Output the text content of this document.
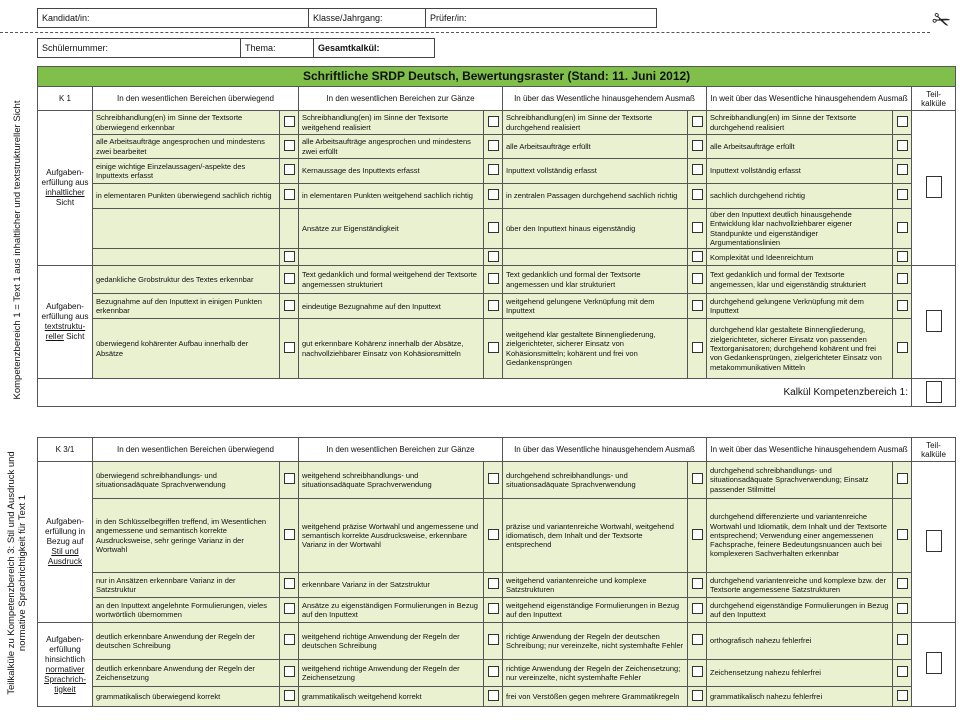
Kandidat/in:	Klasse/Jahrgang:	Prüfer/in:	✂
Schülernummer:	Thema:	Gesamtkalkül:
Kompetenzbereich 1 = Text 1 aus inhaltlicher und textstruktureller Sicht
Teilkalküle zu Kompetenzbereich 3: Stil und Ausdruck und normative Sprachrichtigkeit für Text 1
Schriftliche SRDP Deutsch, Bewertungsraster (Stand: 11. Juni 2012)									
K 1	In den wesentlichen Bereichen überwiegend		In den wesentlichen Bereichen zur Gänze		In über das Wesentliche hinausgehendem Ausmaß		In weit über das Wesentliche hinausgehendem Ausmaß		Teil-kalküle
Aufgaben-erfüllung aus inhaltlicher Sicht	Schreibhandlung(en) im Sinne der Textsorte überwiegend erkennbar		Schreibhandlung(en) im Sinne der Textsorte weitgehend realisiert		Schreibhandlung(en) im Sinne der Textsorte durchgehend realisiert		Schreibhandlung(en) im Sinne der Textsorte durchgehend realisiert		
	alle Arbeitsaufträge angesprochen und mindestens zwei bearbeitet		alle Arbeitsaufträge angesprochen und mindestens zwei erfüllt		alle Arbeitsaufträge erfüllt		alle Arbeitsaufträge erfüllt		
	einige wichtige Einzelaussagen/-aspekte des Inputtexts erfasst		Kernaussage des Inputtexts erfasst		Inputtext vollständig erfasst		Inputtext vollständig erfasst		
	in elementaren Punkten überwiegend sachlich richtig		in elementaren Punkten weitgehend sachlich richtig		in zentralen Passagen durchgehend sachlich richtig		sachlich durchgehend richtig		
			Ansätze zur Eigenständigkeit		über den Inputtext hinaus eigenständig		über den Inputtext deutlich hinausgehende Entwicklung klar nachvollziehbarer eigener Standpunkte und eigenständiger Argumentationslinien		
							Komplexität und Ideenreichtum		
Aufgaben-erfüllung aus textstruktu-reller Sicht	gedankliche Grobstruktur des Textes erkennbar		Text gedanklich und formal weitgehend der Textsorte angemessen strukturiert		Text gedanklich und formal der Textsorte angemessen und klar strukturiert		Text gedanklich und formal der Textsorte angemessen, klar und eigenständig strukturiert		
	Bezugnahme auf den Inputtext in einigen Punkten erkennbar		eindeutige Bezugnahme auf den Inputtext		weitgehend gelungene Verknüpfung mit dem Inputtext		durchgehend gelungene Verknüpfung mit dem Inputtext		
	überwiegend kohärenter Aufbau innerhalb der Absätze		gut erkennbare Kohärenz innerhalb der Absätze, nachvollziehbarer Einsatz von Kohäsionsmitteln		weitgehend klar gestaltete Binnengliederung, zielgerichteter, sicherer Einsatz von Kohäsionsmitteln; kohärent und frei von Gedankensprüngen		durchgehend klar gestaltete Binnengliederung, zielgerichteter, sicherer Einsatz von passenden Textorganisatoren; durchgehend kohärent und frei von Gedankensprüngen, zielgerichteter Einsatz von metakommunikativen Mitteln		
Kalkül Kompetenzbereich 1:									
K 3/1	In den wesentlichen Bereichen überwiegend		In den wesentlichen Bereichen zur Gänze		In über das Wesentliche hinausgehendem Ausmaß		In weit über das Wesentliche hinausgehendem Ausmaß		Teil-kalküle
Aufgaben-erfüllung in Bezug auf Stil und Ausdruck	überwiegend schreibhandlungs- und situationsadäquate Sprachverwendung		weitgehend schreibhandlungs- und situationsadäquate Sprachverwendung		durchgehend schreibhandlungs- und situationsadäquate Sprachverwendung		durchgehend schreibhandlungs- und situationsadäquate Sprachverwendung; Einsatz passender Stilmittel		
	in den Schlüsselbegriffen treffend, im Wesentlichen angemessene und semantisch korrekte Ausdrucksweise, sehr geringe Varianz in der Wortwahl		weitgehend präzise Wortwahl und angemessene und semantisch korrekte Ausdrucksweise, erkennbare Varianz in der Wortwahl		präzise und variantenreiche Wortwahl, weitgehend idiomatisch, dem Inhalt und der Textsorte entsprechend		durchgehend differenzierte und variantenreiche Wortwahl und Idiomatik, dem Inhalt und der Textsorte entsprechend; Verwendung einer angemessenen Fachsprache, feinere Bedeutungsnuancen auch bei komplexeren Sachverhalten erkennbar		
	nur in Ansätzen erkennbare Varianz in der Satzstruktur		erkennbare Varianz in der Satzstruktur		weitgehend variantenreiche und komplexe Satzstrukturen		durchgehend variantenreiche und komplexe bzw. der Textsorte angemessene Satzstrukturen		
	an den Inputtext angelehnte Formulierungen, vieles wortwörtlich übernommen		Ansätze zu eigenständigen Formulierungen in Bezug auf den Inputtext		weitgehend eigenständige Formulierungen in Bezug auf den Inputtext		durchgehend eigenständige Formulierungen in Bezug auf den Inputtext		
Aufgaben-erfüllung hinsichtlich normativer Sprachrich-tigkeit	deutlich erkennbare Anwendung der Regeln der deutschen Schreibung		weitgehend richtige Anwendung der Regeln der deutschen Schreibung		richtige Anwendung der Regeln der deutschen Schreibung; nur vereinzelte, nicht systemhafte Fehler		orthografisch nahezu fehlerfrei		
	deutlich erkennbare Anwendung der Regeln der Zeichensetzung		weitgehend richtige Anwendung der Regeln der Zeichensetzung		richtige Anwendung der Regeln der Zeichensetzung; nur vereinzelte, nicht systemhafte Fehler		Zeichensetzung nahezu fehlerfrei		
	grammatikalisch überwiegend korrekt		grammatikalisch weitgehend korrekt		frei von Verstößen gegen mehrere Grammatikregeln		grammatikalisch nahezu fehlerfrei		
